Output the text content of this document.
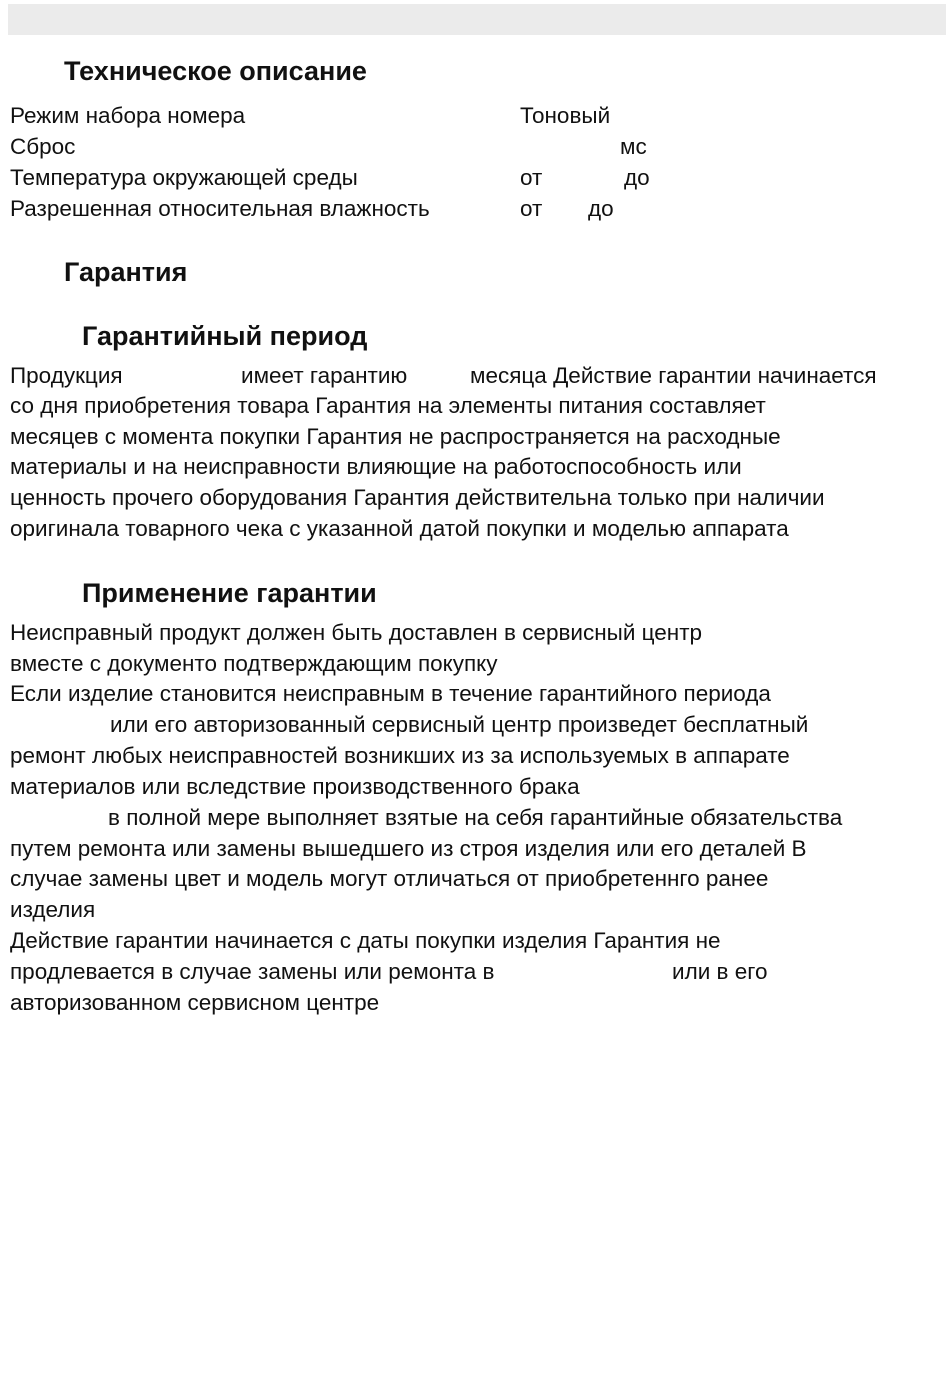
Техническое описание
Режим набора номера	Тоновый
Сброс	мс
Температура окружающей среды	от	до
Разрешенная относительная влажность	от до
Гарантия
Гарантийный период
Продукция	имеет гарантию	месяца Действие гарантии начинается
со дня приобретения товара Гарантия на элементы питания составляет
месяцев с момента покупки Гарантия не распространяется на расходные
материалы и на неисправности влияющие на работоспособность или
ценность прочего оборудования Гарантия действительна только при наличии
оригинала товарного чека с указанной датой покупки и моделью аппарата
Применение гарантии
Неисправный продукт должен быть доставлен в сервисный центр
вместе с документо подтверждающим покупку
Если изделие становится неисправным в течение гарантийного периода
или его авторизованный сервисный центр произведет бесплатный
ремонт любых неисправностей возникших из за используемых в аппарате
материалов или вследствие производственного брака
в полной мере выполняет взятые на себя гарантийные обязательства
путем ремонта или замены вышедшего из строя изделия или его деталей В
случае замены цвет и модель могут отличаться от приобретеннго ранее
изделия
Действие гарантии начинается с даты покупки изделия Гарантия не
продлевается в случае замены или ремонта в	или в его
авторизованном сервисном центре
